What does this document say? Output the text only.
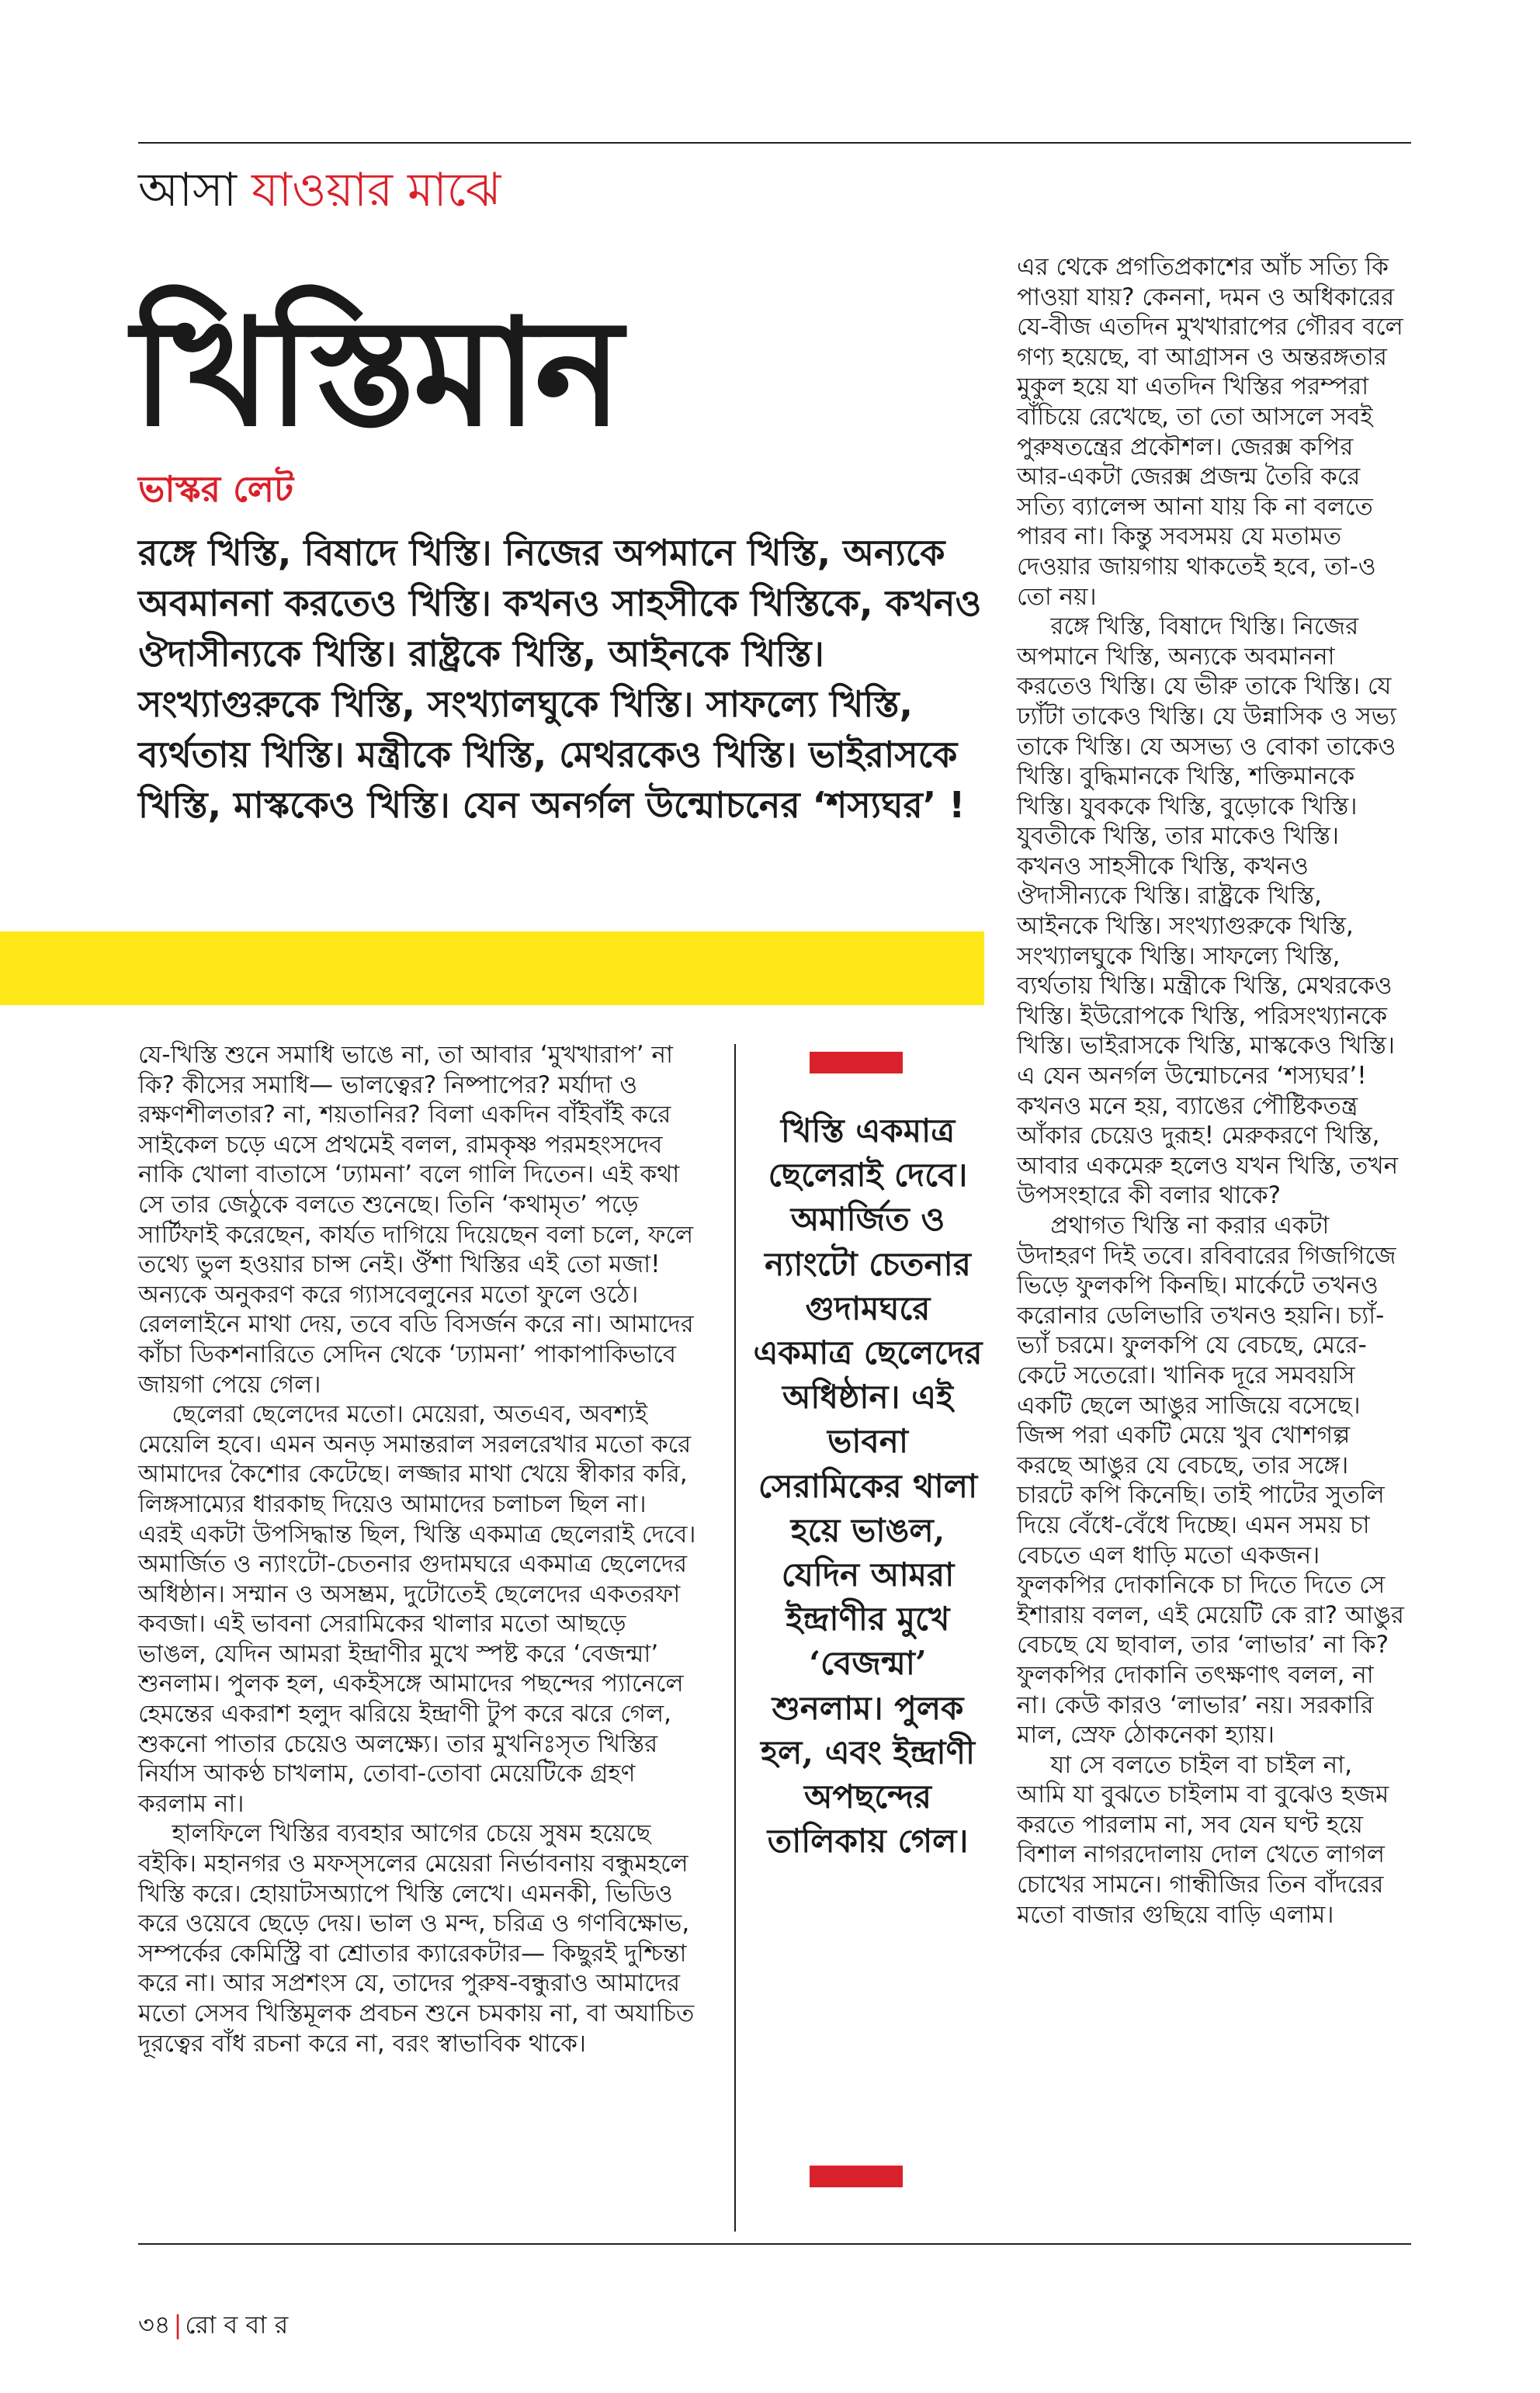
আসা যাওয়ার মাঝে
খিস্তিমান
ভাস্কর লেট
রঙ্গে খিস্তি, বিষাদে খিস্তি। নিজের অপমানে খিস্তি, অন্যকে অবমাননা করতেও খিস্তি। কখনও সাহসীকে খিস্তিকে, কখনও ঔদাসীন্যকে খিস্তি। রাষ্ট্রকে খিস্তি, আইনকে খিস্তি। সংখ্যাগুরুকে খিস্তি, সংখ্যালঘুকে খিস্তি। সাফল্যে খিস্তি, ব্যর্থতায় খিস্তি। মন্ত্রীকে খিস্তি, মেথরকেও খিস্তি। ভাইরাসকে খিস্তি, মাস্ককেও খিস্তি। যেন অনর্গল উন্মোচনের ‘শস্যঘর’ !

যে-খিস্তি শুনে সমাধি ভাঙে না, তা আবার ‘মুখখারাপ’ না কি? কীসের সমাধি— ভালত্বের? নিষ্পাপের? মর্যাদা ও রক্ষণশীলতার? না, শয়তানির? বিলা একদিন বাঁইবাঁই করে সাইকেল চড়ে এসে প্রথমেই বলল, রামকৃষ্ণ পরমহংসদেব নাকি খোলা বাতাসে ‘ঢ্যামনা’ বলে গালি দিতেন। এই কথা সে তার জেঠুকে বলতে শুনেছে। তিনি ‘কথামৃত’ পড়ে সার্টিফাই করেছেন, কার্যত দাগিয়ে দিয়েছেন বলা চলে, ফলে তথ্যে ভুল হওয়ার চান্স নেই। ঔঁশা খিস্তির এই তো মজা! অন্যকে অনুকরণ করে গ্যাসবেলুনের মতো ফুলে ওঠে। রেললাইনে মাথা দেয়, তবে বডি বিসর্জন করে না। আমাদের কাঁচা ডিকশনারিতে সেদিন থেকে ‘ঢ্যামনা’ পাকাপাকিভাবে জায়গা পেয়ে গেল।

ছেলেরা ছেলেদের মতো। মেয়েরা, অতএব, অবশ্যই মেয়েলি হবে। এমন অনড় সমান্তরাল সরলরেখার মতো করে আমাদের কৈশোর কেটেছে। লজ্জার মাথা খেয়ে স্বীকার করি, লিঙ্গসাম্যের ধারকাছ দিয়েও আমাদের চলাচল ছিল না। এরই একটা উপসিদ্ধান্ত ছিল, খিস্তি একমাত্র ছেলেরাই দেবে। অমার্জিত ও ন্যাংটো-চেতনার গুদামঘরে একমাত্র ছেলেদের অধিষ্ঠান। সম্মান ও অসম্ভ্রম, দুটোতেই ছেলেদের একতরফা কবজা। এই ভাবনা সেরামিকের থালার মতো আছড়ে ভাঙল, যেদিন আমরা ইন্দ্রাণীর মুখে স্পষ্ট করে ‘বেজন্মা’ শুনলাম। পুলক হল, একইসঙ্গে আমাদের পছন্দের প্যানেলে হেমন্তের একরাশ হলুদ ঝরিয়ে ইন্দ্রাণী টুপ করে ঝরে গেল, শুকনো পাতার চেয়েও অলক্ষ্যে। তার মুখনিঃসৃত খিস্তির নির্যাস আকণ্ঠ চাখলাম, তোবা-তোবা মেয়েটিকে গ্রহণ করলাম না।

হালফিলে খিস্তির ব্যবহার আগের চেয়ে সুষম হয়েছে বইকি। মহানগর ও মফস্সলের মেয়েরা নির্ভাবনায় বন্ধুমহলে খিস্তি করে। হোয়াটসঅ্যাপে খিস্তি লেখে। এমনকী, ভিডিও করে ওয়েবে ছেড়ে দেয়। ভাল ও মন্দ, চরিত্র ও গণবিক্ষোভ, সম্পর্কের কেমিস্ট্রি বা শ্রোতার ক্যারেকটার— কিছুরই দুশ্চিন্তা করে না। আর সপ্রশংস যে, তাদের পুরুষ-বন্ধুরাও আমাদের মতো সেসব খিস্তিমূলক প্রবচন শুনে চমকায় না, বা অযাচিত দূরত্বের বাঁধ রচনা করে না, বরং স্বাভাবিক থাকে।

খিস্তি একমাত্র ছেলেরাই দেবে। অমার্জিত ও ন্যাংটো চেতনার গুদামঘরে একমাত্র ছেলেদের অধিষ্ঠান। এই ভাবনা সেরামিকের থালা হয়ে ভাঙল, যেদিন আমরা ইন্দ্রাণীর মুখে ‘বেজন্মা’ শুনলাম। পুলক হল, এবং ইন্দ্রাণী অপছন্দের তালিকায় গেল।

এর থেকে প্রগতিপ্রকাশের আঁচ সত্যি কি পাওয়া যায়? কেননা, দমন ও অধিকারের যে-বীজ এতদিন মুখখারাপের গৌরব বলে গণ্য হয়েছে, বা আগ্রাসন ও অন্তরঙ্গতার মুকুল হয়ে যা এতদিন খিস্তির পরম্পরা বাঁচিয়ে রেখেছে, তা তো আসলে সবই পুরুষতন্ত্রের প্রকৌশল। জেরক্স কপির আর-একটা জেরক্স প্রজন্ম তৈরি করে সত্যি ব্যালেন্স আনা যায় কি না বলতে পারব না। কিন্তু সবসময় যে মতামত দেওয়ার জায়গায় থাকতেই হবে, তা-ও তো নয়।

রঙ্গে খিস্তি, বিষাদে খিস্তি। নিজের অপমানে খিস্তি, অন্যকে অবমাননা করতেও খিস্তি। যে ভীরু তাকে খিস্তি। যে ঢ্যাঁটা তাকেও খিস্তি। যে উন্নাসিক ও সভ্য তাকে খিস্তি। যে অসভ্য ও বোকা তাকেও খিস্তি। বুদ্ধিমানকে খিস্তি, শক্তিমানকে খিস্তি। যুবককে খিস্তি, বুড়োকে খিস্তি। যুবতীকে খিস্তি, তার মাকেও খিস্তি। কখনও সাহসীকে খিস্তি, কখনও ঔদাসীন্যকে খিস্তি। রাষ্ট্রকে খিস্তি, আইনকে খিস্তি। সংখ্যাগুরুকে খিস্তি, সংখ্যালঘুকে খিস্তি। সাফল্যে খিস্তি, ব্যর্থতায় খিস্তি। মন্ত্রীকে খিস্তি, মেথরকেও খিস্তি। ইউরোপকে খিস্তি, পরিসংখ্যানকে খিস্তি। ভাইরাসকে খিস্তি, মাস্ককেও খিস্তি। এ যেন অনর্গল উন্মোচনের ‘শস্যঘর’! কখনও মনে হয়, ব্যাঙের পৌষ্টিকতন্ত্র আঁকার চেয়েও দুরূহ! মেরুকরণে খিস্তি, আবার একমেরু হলেও যখন খিস্তি, তখন উপসংহারে কী বলার থাকে?

প্রথাগত খিস্তি না করার একটা উদাহরণ দিই তবে। রবিবারের গিজগিজে ভিড়ে ফুলকপি কিনছি। মার্কেটে তখনও করোনার ডেলিভারি তখনও হয়নি। চ্যাঁ-ভ্যাঁ চরমে। ফুলকপি যে বেচছে, মেরে-কেটে সতেরো। খানিক দূরে সমবয়সি একটি ছেলে আঙুর সাজিয়ে বসেছে। জিন্স পরা একটি মেয়ে খুব খোশগল্প করছে আঙুর যে বেচছে, তার সঙ্গে। চারটে কপি কিনেছি। তাই পাটের সুতলি দিয়ে বেঁধে-বেঁধে দিচ্ছে। এমন সময় চা বেচতে এল ধাড়ি মতো একজন। ফুলকপির দোকানিকে চা দিতে দিতে সে ইশারায় বলল, এই মেয়েটি কে রা? আঙুর বেচছে যে ছাবাল, তার ‘লাভার’ না কি? ফুলকপির দোকানি তৎক্ষণাৎ বলল, না না। কেউ কারও ‘লাভার’ নয়। সরকারি মাল, স্রেফ ঠোকনেকা হ্যায়।

যা সে বলতে চাইল বা চাইল না, আমি যা বুঝতে চাইলাম বা বুঝেও হজম করতে পারলাম না, সব যেন ঘণ্ট হয়ে বিশাল নাগরদোলায় দোল খেতে লাগল চোখের সামনে। গান্ধীজির তিন বাঁদরের মতো বাজার গুছিয়ে বাড়ি এলাম।

৩৪ | রো ব বা র
